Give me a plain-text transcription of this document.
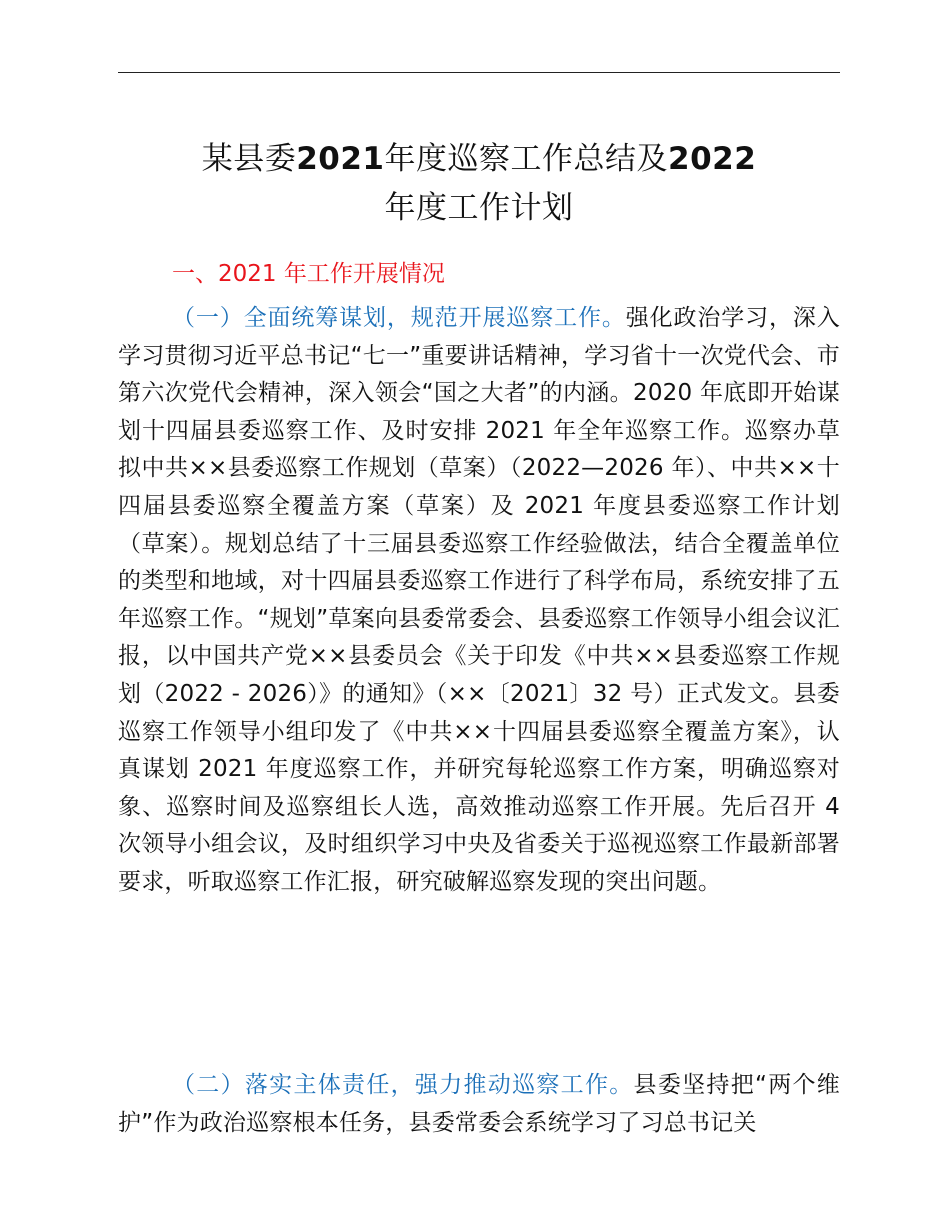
某县委2021年度巡察工作总结及2022
年度工作计划
一、2021 年工作开展情况

（一）全面统筹谋划，规范开展巡察工作。强化政治学习，深入学习贯彻习近平总书记“七一”重要讲话精神，学习省十一次党代会、市第六次党代会精神，深入领会“国之大者”的内涵。2020 年底即开始谋划十四届县委巡察工作、及时安排 2021 年全年巡察工作。巡察办草拟中共××县委巡察工作规划（草案）（2022—2026 年）、中共××十四届县委巡察全覆盖方案（草案）及 2021 年度县委巡察工作计划（草案）。规划总结了十三届县委巡察工作经验做法，结合全覆盖单位的类型和地域，对十四届县委巡察工作进行了科学布局，系统安排了五年巡察工作。“规划”草案向县委常委会、县委巡察工作领导小组会议汇报，以中国共产党××县委员会《关于印发《中共××县委巡察工作规划（2022 - 2026）》的通知》（××〔2021〕32 号）正式发文。县委巡察工作领导小组印发了《中共××十四届县委巡察全覆盖方案》，认真谋划 2021 年度巡察工作，并研究每轮巡察工作方案，明确巡察对象、巡察时间及巡察组长人选，高效推动巡察工作开展。先后召开 4 次领导小组会议，及时组织学习中央及省委关于巡视巡察工作最新部署要求，听取巡察工作汇报，研究破解巡察发现的突出问题。

（二）落实主体责任，强力推动巡察工作。县委坚持把“两个维护”作为政治巡察根本任务，县委常委会系统学习了习总书记关
